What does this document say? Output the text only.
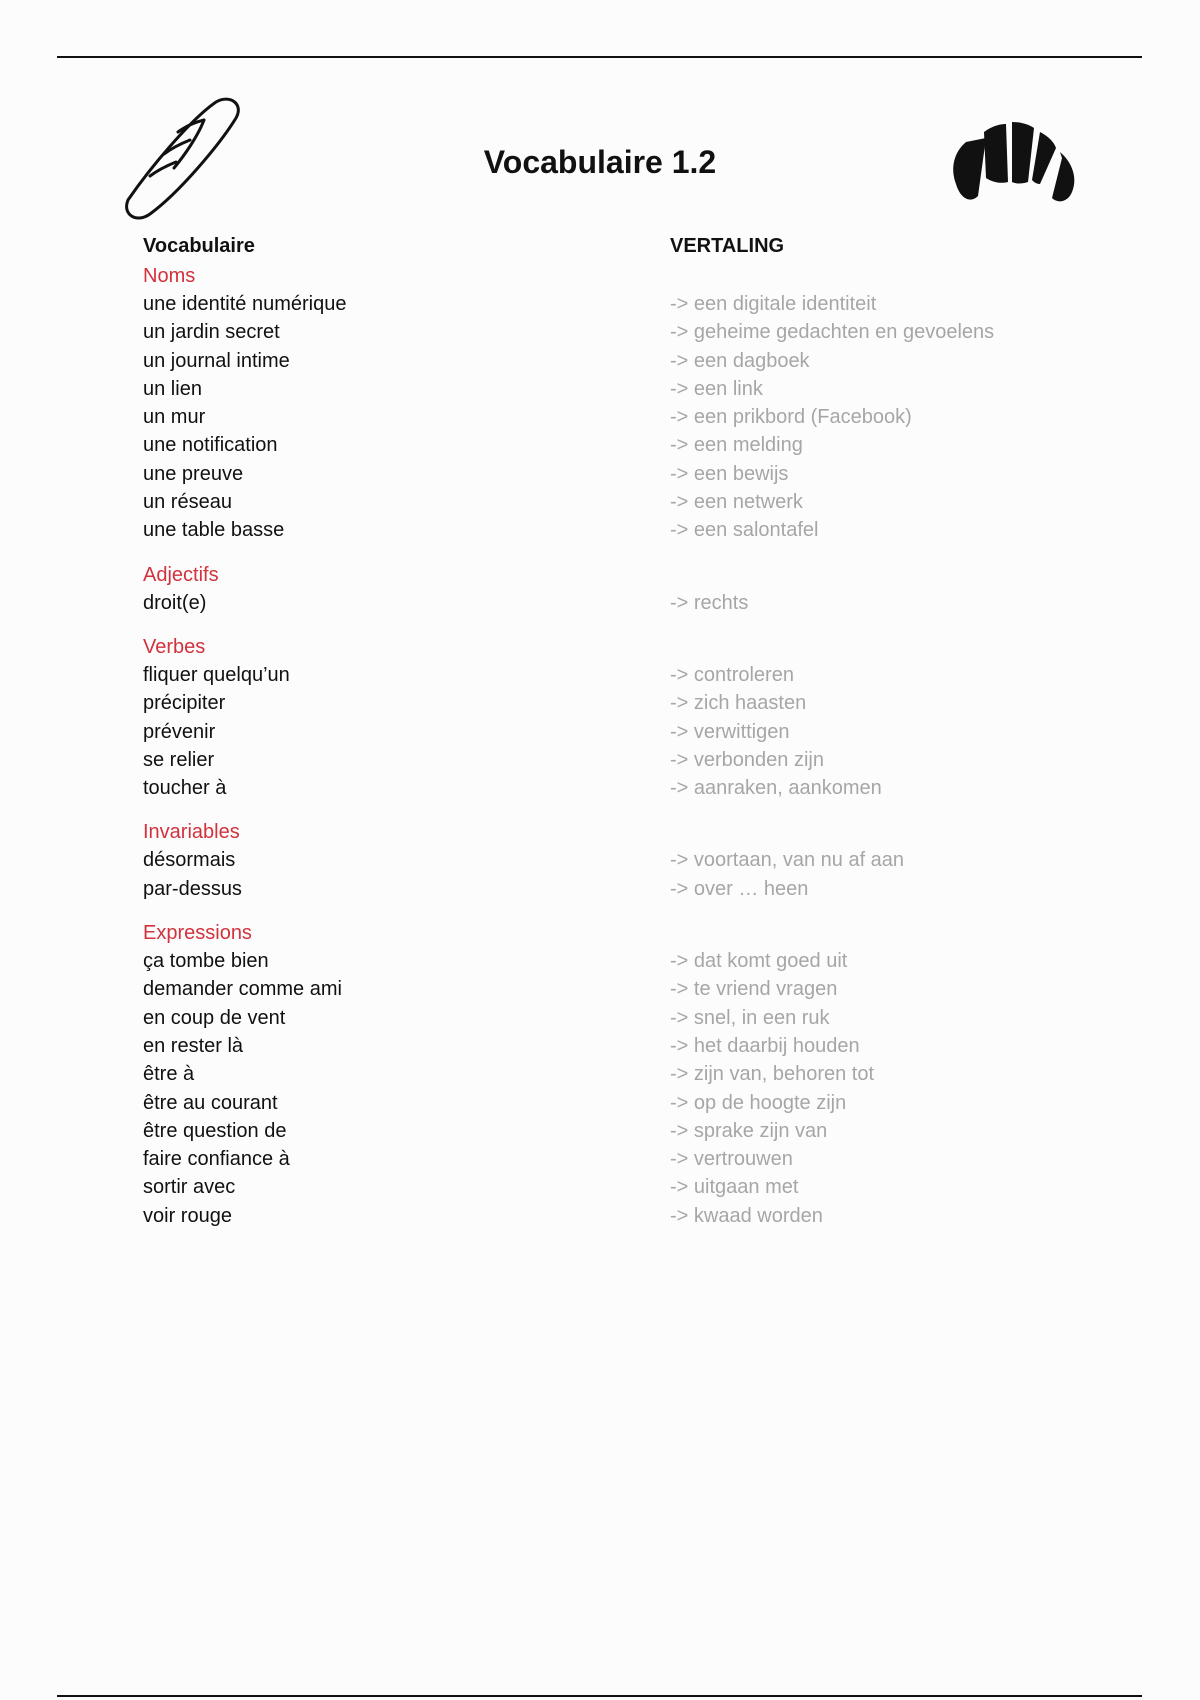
Vocabulaire 1.2
Vocabulaire	VERTALING
Noms
une identité numérique	-> een digitale identiteit
un jardin secret	-> geheime gedachten en gevoelens
un journal intime	-> een dagboek
un lien	-> een link
un mur	-> een prikbord (Facebook)
une notification	-> een melding
une preuve	-> een bewijs
un réseau	-> een netwerk
une table basse	-> een salontafel
Adjectifs
droit(e)	-> rechts
Verbes
fliquer quelqu’un	-> controleren
précipiter	-> zich haasten
prévenir	-> verwittigen
se relier	-> verbonden zijn
toucher à	-> aanraken, aankomen
Invariables
désormais	-> voortaan, van nu af aan
par-dessus	-> over … heen
Expressions
ça tombe bien	-> dat komt goed uit
demander comme ami	-> te vriend vragen
en coup de vent	-> snel, in een ruk
en rester là	-> het daarbij houden
être à	-> zijn van, behoren tot
être au courant	-> op de hoogte zijn
être question de	-> sprake zijn van
faire confiance à	-> vertrouwen
sortir avec	-> uitgaan met
voir rouge	-> kwaad worden
